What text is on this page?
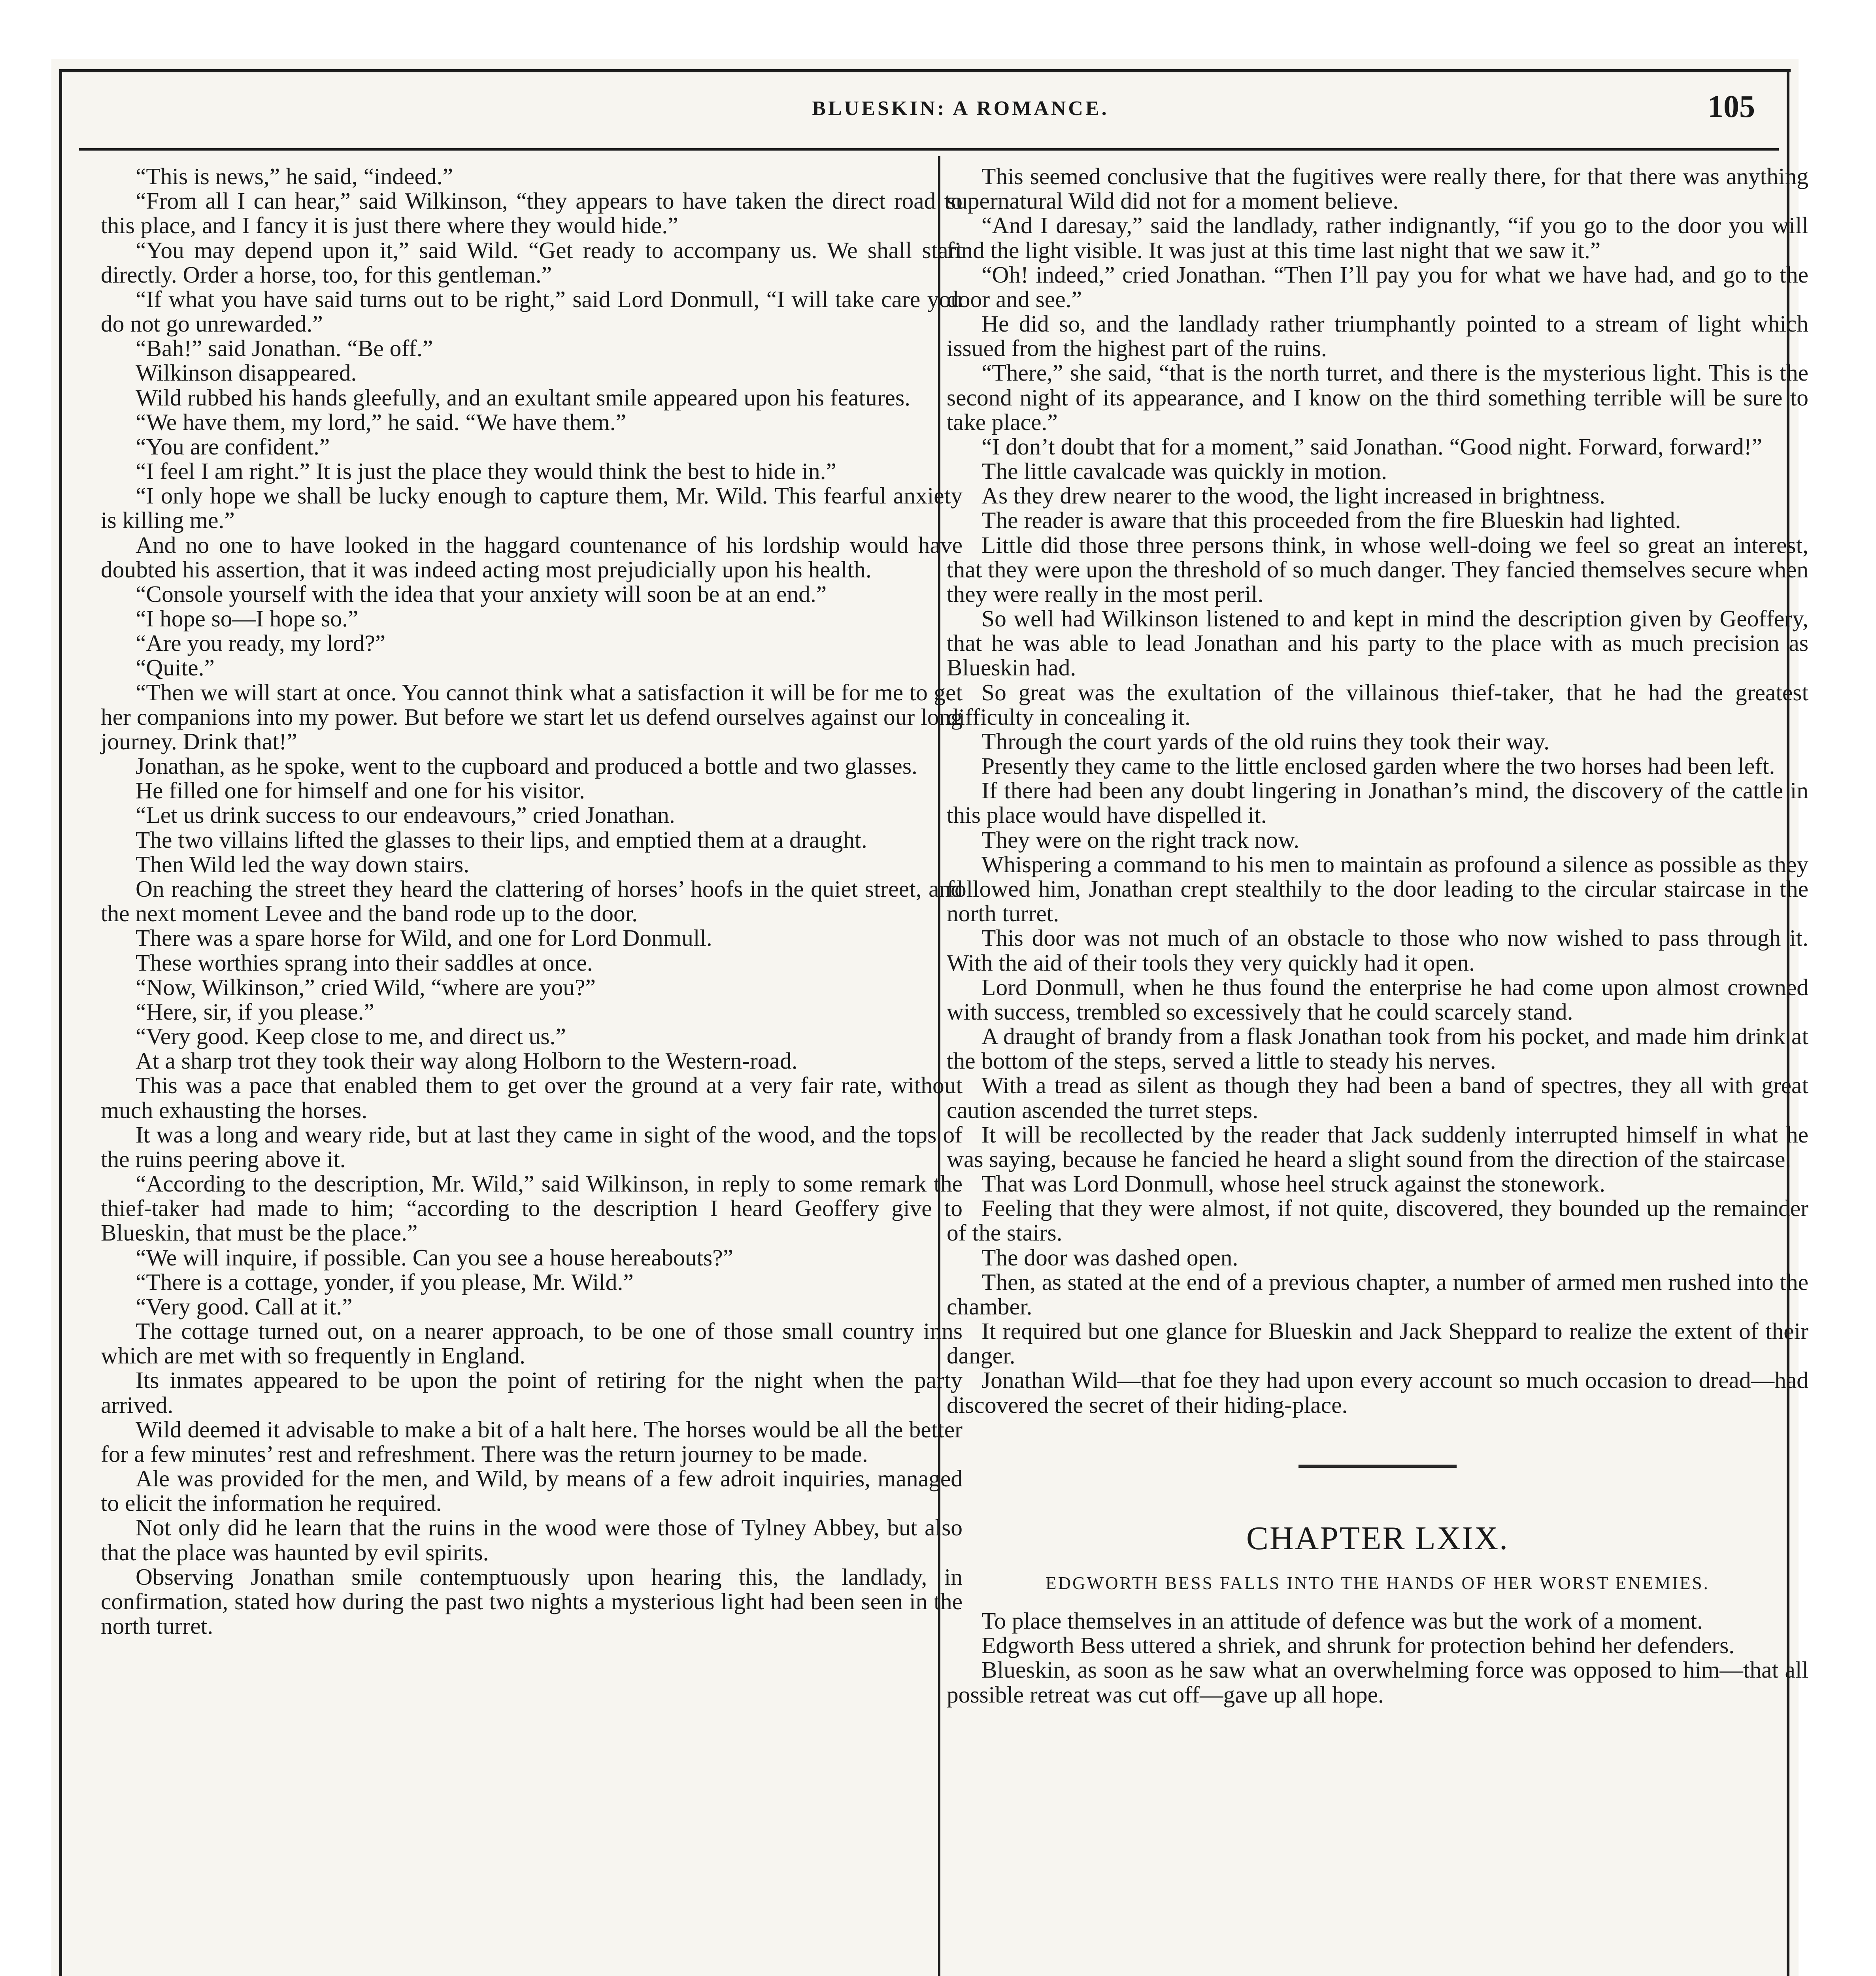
BLUESKIN: A ROMANCE.	105

“This is news,” he said, “indeed.”

“From all I can hear,” said Wilkinson, “they appears to have taken the direct road to this place, and I fancy it is just there where they would hide.”

“You may depend upon it,” said Wild. “Get ready to accompany us. We shall start directly. Order a horse, too, for this gentleman.”

“If what you have said turns out to be right,” said Lord Donmull, “I will take care you do not go unrewarded.”

“Bah!” said Jonathan. “Be off.”

Wilkinson disappeared.

Wild rubbed his hands gleefully, and an exultant smile appeared upon his features.

“We have them, my lord,” he said. “We have them.”

“You are confident.”

“I feel I am right.” It is just the place they would think the best to hide in.”

“I only hope we shall be lucky enough to capture them, Mr. Wild. This fearful anxiety is killing me.”

And no one to have looked in the haggard countenance of his lordship would have doubted his assertion, that it was indeed acting most prejudicially upon his health.

“Console yourself with the idea that your anxiety will soon be at an end.”

“I hope so—I hope so.”

“Are you ready, my lord?”

“Quite.”

“Then we will start at once. You cannot think what a satisfaction it will be for me to get her companions into my power. But before we start let us defend ourselves against our long journey. Drink that!”

Jonathan, as he spoke, went to the cupboard and produced a bottle and two glasses.

He filled one for himself and one for his visitor.

“Let us drink success to our endeavours,” cried Jonathan.

The two villains lifted the glasses to their lips, and emptied them at a draught.

Then Wild led the way down stairs.

On reaching the street they heard the clattering of horses’ hoofs in the quiet street, and the next moment Levee and the band rode up to the door.

There was a spare horse for Wild, and one for Lord Donmull.

These worthies sprang into their saddles at once.

“Now, Wilkinson,” cried Wild, “where are you?”

“Here, sir, if you please.”

“Very good. Keep close to me, and direct us.”

At a sharp trot they took their way along Holborn to the Western-road.

This was a pace that enabled them to get over the ground at a very fair rate, without much exhausting the horses.

It was a long and weary ride, but at last they came in sight of the wood, and the tops of the ruins peering above it.

“According to the description, Mr. Wild,” said Wilkinson, in reply to some remark the thief-taker had made to him; “according to the description I heard Geoffery give to Blueskin, that must be the place.”

“We will inquire, if possible. Can you see a house hereabouts?”

“There is a cottage, yonder, if you please, Mr. Wild.”

“Very good. Call at it.”

The cottage turned out, on a nearer approach, to be one of those small country inns which are met with so frequently in England.

Its inmates appeared to be upon the point of retiring for the night when the party arrived.

Wild deemed it advisable to make a bit of a halt here. The horses would be all the better for a few minutes’ rest and refreshment. There was the return journey to be made.

Ale was provided for the men, and Wild, by means of a few adroit inquiries, managed to elicit the information he required.

Not only did he learn that the ruins in the wood were those of Tylney Abbey, but also that the place was haunted by evil spirits.

Observing Jonathan smile contemptuously upon hearing this, the landlady, in confirmation, stated how during the past two nights a mysterious light had been seen in the north turret.

This seemed conclusive that the fugitives were really there, for that there was anything supernatural Wild did not for a moment believe.

“And I daresay,” said the landlady, rather indignantly, “if you go to the door you will find the light visible. It was just at this time last night that we saw it.”

“Oh! indeed,” cried Jonathan. “Then I’ll pay you for what we have had, and go to the door and see.”

He did so, and the landlady rather triumphantly pointed to a stream of light which issued from the highest part of the ruins.

“There,” she said, “that is the north turret, and there is the mysterious light. This is the second night of its appearance, and I know on the third something terrible will be sure to take place.”

“I don’t doubt that for a moment,” said Jonathan. “Good night. Forward, forward!”

The little cavalcade was quickly in motion.

As they drew nearer to the wood, the light increased in brightness.

The reader is aware that this proceeded from the fire Blueskin had lighted.

Little did those three persons think, in whose well-doing we feel so great an interest, that they were upon the threshold of so much danger. They fancied themselves secure when they were really in the most peril.

So well had Wilkinson listened to and kept in mind the description given by Geoffery, that he was able to lead Jonathan and his party to the place with as much precision as Blueskin had.

So great was the exultation of the villainous thief-taker, that he had the greatest difficulty in concealing it.

Through the court yards of the old ruins they took their way.

Presently they came to the little enclosed garden where the two horses had been left.

If there had been any doubt lingering in Jonathan’s mind, the discovery of the cattle in this place would have dispelled it.

They were on the right track now.

Whispering a command to his men to maintain as profound a silence as possible as they followed him, Jonathan crept stealthily to the door leading to the circular staircase in the north turret.

This door was not much of an obstacle to those who now wished to pass through it. With the aid of their tools they very quickly had it open.

Lord Donmull, when he thus found the enterprise he had come upon almost crowned with success, trembled so excessively that he could scarcely stand.

A draught of brandy from a flask Jonathan took from his pocket, and made him drink at the bottom of the steps, served a little to steady his nerves.

With a tread as silent as though they had been a band of spectres, they all with great caution ascended the turret steps.

It will be recollected by the reader that Jack suddenly interrupted himself in what he was saying, because he fancied he heard a slight sound from the direction of the staircase.

That was Lord Donmull, whose heel struck against the stonework.

Feeling that they were almost, if not quite, discovered, they bounded up the remainder of the stairs.

The door was dashed open.

Then, as stated at the end of a previous chapter, a number of armed men rushed into the chamber.

It required but one glance for Blueskin and Jack Sheppard to realize the extent of their danger.

Jonathan Wild—that foe they had upon every account so much occasion to dread—had discovered the secret of their hiding-place.

CHAPTER LXIX.
EDGWORTH BESS FALLS INTO THE HANDS OF HER WORST ENEMIES.

To place themselves in an attitude of defence was but the work of a moment.

Edgworth Bess uttered a shriek, and shrunk for protection behind her defenders.

Blueskin, as soon as he saw what an overwhelming force was opposed to him—that all possible retreat was cut off—gave up all hope.
